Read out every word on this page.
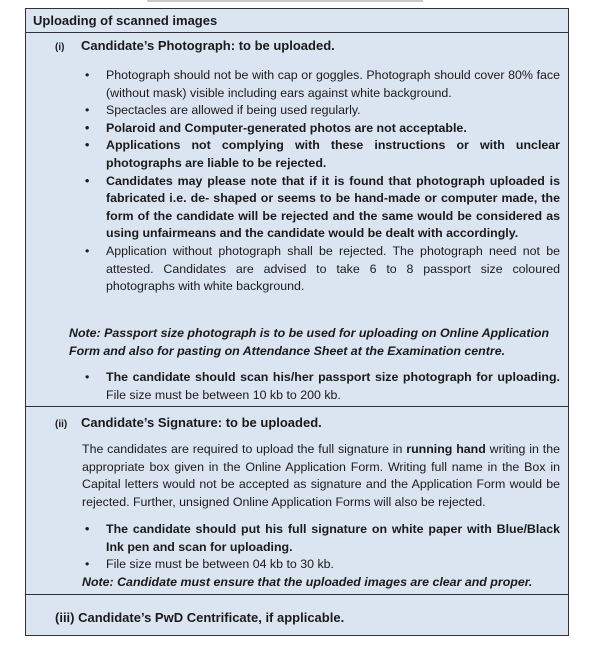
Uploading of scanned images
(i) Candidate’s Photograph: to be uploaded.
• Photograph should not be with cap or goggles. Photograph should cover 80% face (without mask) visible including ears against white background.
• Spectacles are allowed if being used regularly.
• Polaroid and Computer-generated photos are not acceptable.
• Applications not complying with these instructions or with unclear photographs are liable to be rejected.
• Candidates may please note that if it is found that photograph uploaded is fabricated i.e. de- shaped or seems to be hand-made or computer made, the form of the candidate will be rejected and the same would be considered as using unfairmeans and the candidate would be dealt with accordingly.
• Application without photograph shall be rejected. The photograph need not be attested. Candidates are advised to take 6 to 8 passport size coloured photographs with white background.
Note: Passport size photograph is to be used for uploading on Online Application Form and also for pasting on Attendance Sheet at the Examination centre.
• The candidate should scan his/her passport size photograph for uploading. File size must be between 10 kb to 200 kb.
(ii) Candidate’s Signature: to be uploaded.
The candidates are required to upload the full signature in running hand writing in the appropriate box given in the Online Application Form. Writing full name in the Box in Capital letters would not be accepted as signature and the Application Form would be rejected. Further, unsigned Online Application Forms will also be rejected.
• The candidate should put his full signature on white paper with Blue/Black Ink pen and scan for uploading.
• File size must be between 04 kb to 30 kb.
Note: Candidate must ensure that the uploaded images are clear and proper.
(iii) Candidate’s PwD Centrificate, if applicable.
